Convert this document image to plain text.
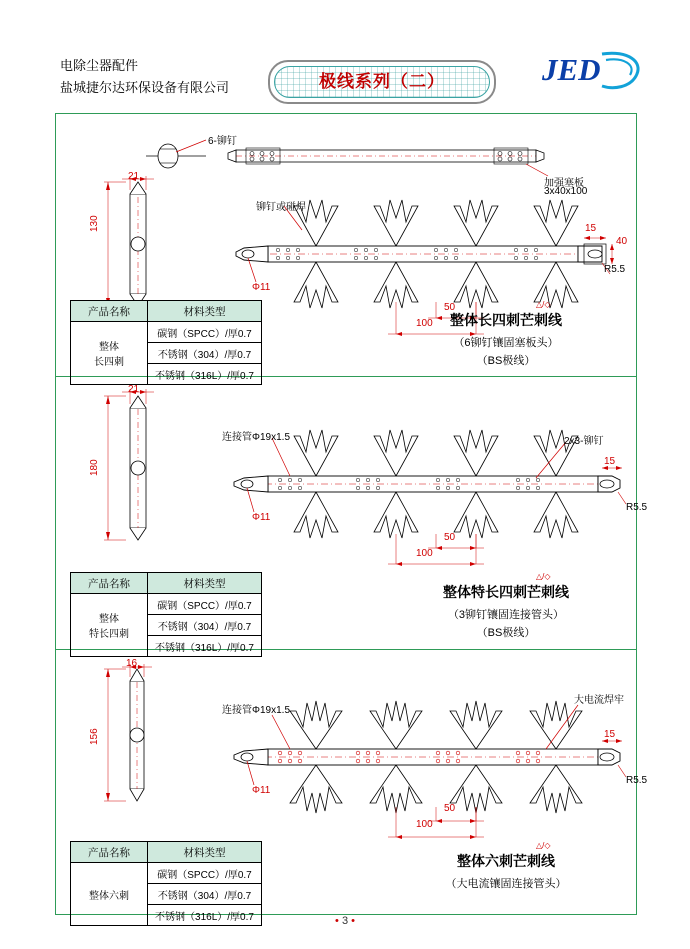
电除尘器配件
盐城捷尔达环保设备有限公司	极线系列（二）	JED
6-铆钉
加强塞板
3x40x100
21
130
铆钉或碰焊
Φ11
15
40
R5.5
50
100
产品名称	材料类型

整体
长四刺	碳钢（SPCC）/厚0.7
	不锈钢（304）/厚0.7
	不锈钢（316L）/厚0.7
△/◇
整体长四刺芒刺线
（6铆钉镶固塞板头）
（BS极线）
21
180
连接管Φ19x1.5
Φ11
2x3-铆钉
15
R5.5
50
100
产品名称	材料类型

整体
特长四刺	碳钢（SPCC）/厚0.7
	不锈钢（304）/厚0.7
	不锈钢（316L）/厚0.7
△/◇
整体特长四刺芒刺线
（3铆钉镶固连接管头）
（BS极线）
16
156
连接管Φ19x1.5
Φ11
大电流焊牢
15
R5.5
50
100
产品名称	材料类型
整体六刺	碳钢（SPCC）/厚0.7
	不锈钢（304）/厚0.7
	不锈钢（316L）/厚0.7
△/◇
整体六刺芒刺线
（大电流镶固连接管头）
• 3 •
